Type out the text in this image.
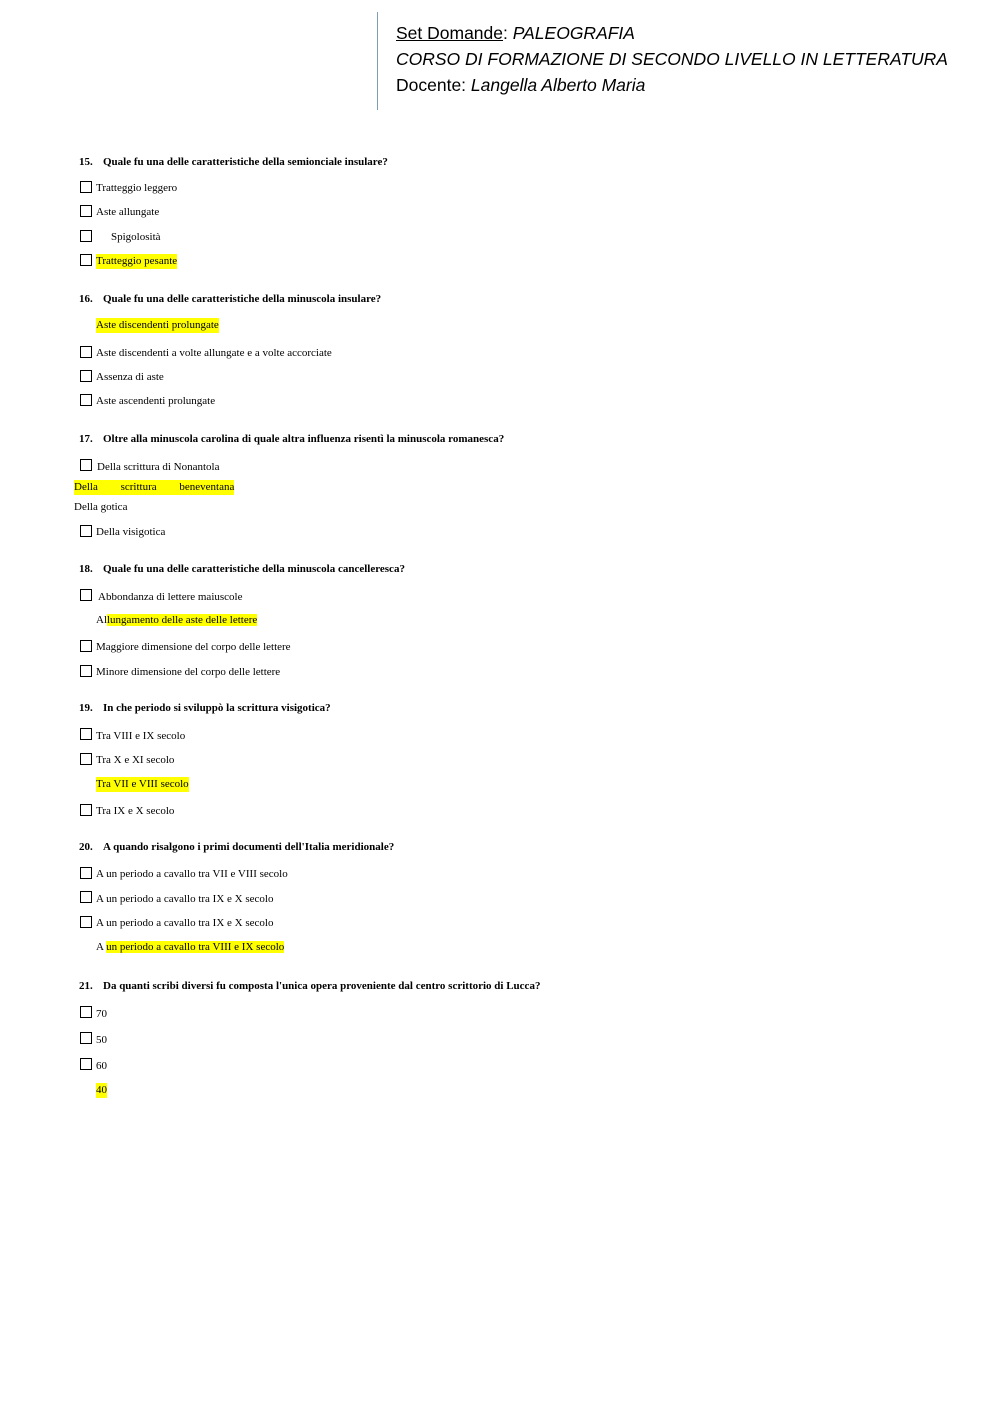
Set Domande: PALEOGRAFIA
CORSO DI FORMAZIONE DI SECONDO LIVELLO IN LETTERATURA
Docente: Langella Alberto Maria
15. Quale fu una delle caratteristiche della semionciale insulare?
Tratteggio leggero
Aste allungate
Spigolosità
Tratteggio pesante
16. Quale fu una delle caratteristiche della minuscola insulare?
Aste discendenti prolungate
Aste discendenti a volte allungate e a volte accorciate
Assenza di aste
Aste ascendenti prolungate
17. Oltre alla minuscola carolina di quale altra influenza risentì la minuscola romanesca?
Della scrittura di Nonantola
Della scrittura beneventana
Della gotica
Della visigotica
18. Quale fu una delle caratteristiche della minuscola cancelleresca?
Abbondanza di lettere maiuscole
Allungamento delle aste delle lettere
Maggiore dimensione del corpo delle lettere
Minore dimensione del corpo delle lettere
19. In che periodo si sviluppò la scrittura visigotica?
Tra VIII e IX secolo
Tra X e XI secolo
Tra VII e VIII secolo
Tra IX e X secolo
20. A quando risalgono i primi documenti dell'Italia meridionale?
A un periodo a cavallo tra VII e VIII secolo
A un periodo a cavallo tra IX e X secolo
A un periodo a cavallo tra IX e X secolo
A un periodo a cavallo tra VIII e IX secolo
21. Da quanti scribi diversi fu composta l'unica opera proveniente dal centro scrittorio di Lucca?
70
50
60
40
